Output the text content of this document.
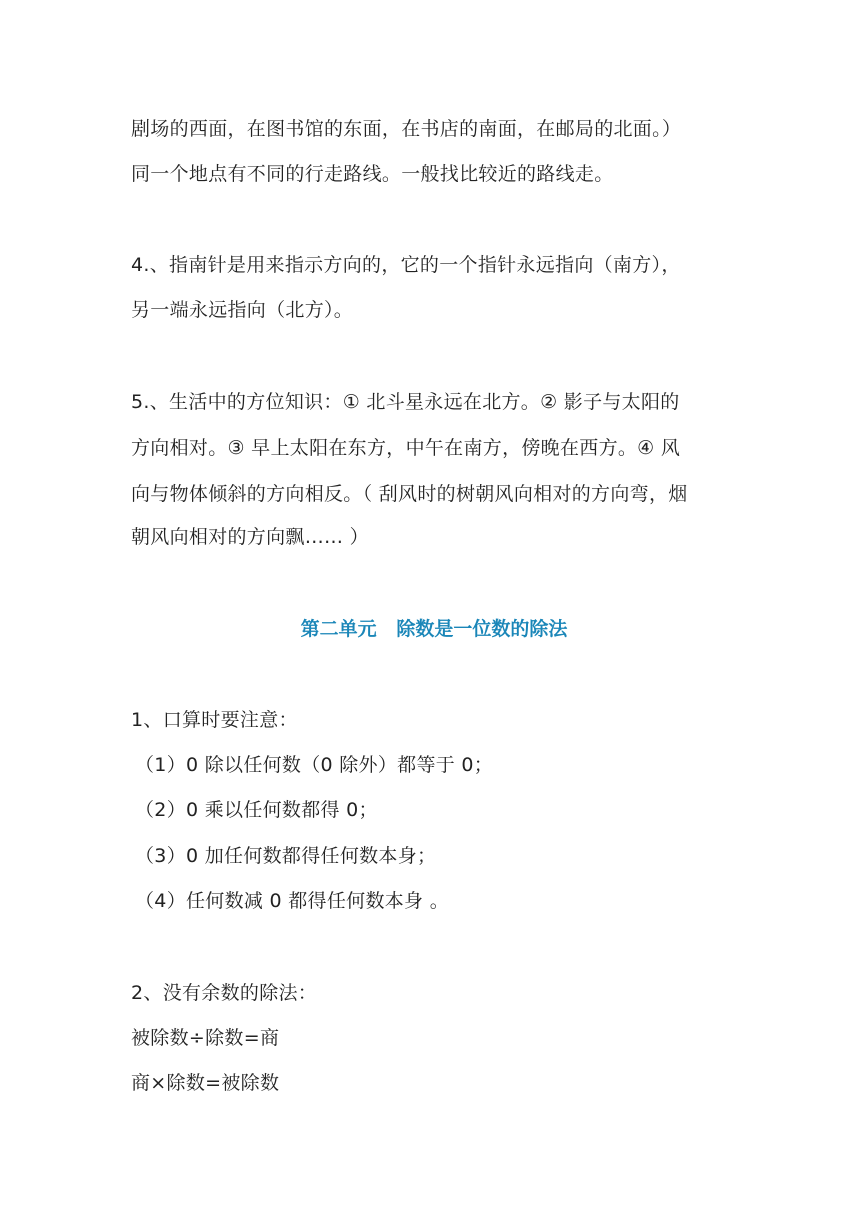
剧场的西面，在图书馆的东面，在书店的南面，在邮局的北面。）
同一个地点有不同的行走路线。一般找比较近的路线走。
4.、指南针是用来指示方向的，它的一个指针永远指向（南方），
另一端永远指向（北方）。
5.、生活中的方位知识：① 北斗星永远在北方。② 影子与太阳的
方向相对。③ 早上太阳在东方，中午在南方，傍晚在西方。④ 风
向与物体倾斜的方向相反。（ 刮风时的树朝风向相对的方向弯，烟
朝风向相对的方向飘…… ）
第二单元   除数是一位数的除法
1、口算时要注意：
（1）0 除以任何数（0 除外）都等于 0；
（2）0 乘以任何数都得 0；
（3）0 加任何数都得任何数本身；
（4）任何数减 0 都得任何数本身 。
2、没有余数的除法：
被除数÷除数=商
商×除数=被除数
